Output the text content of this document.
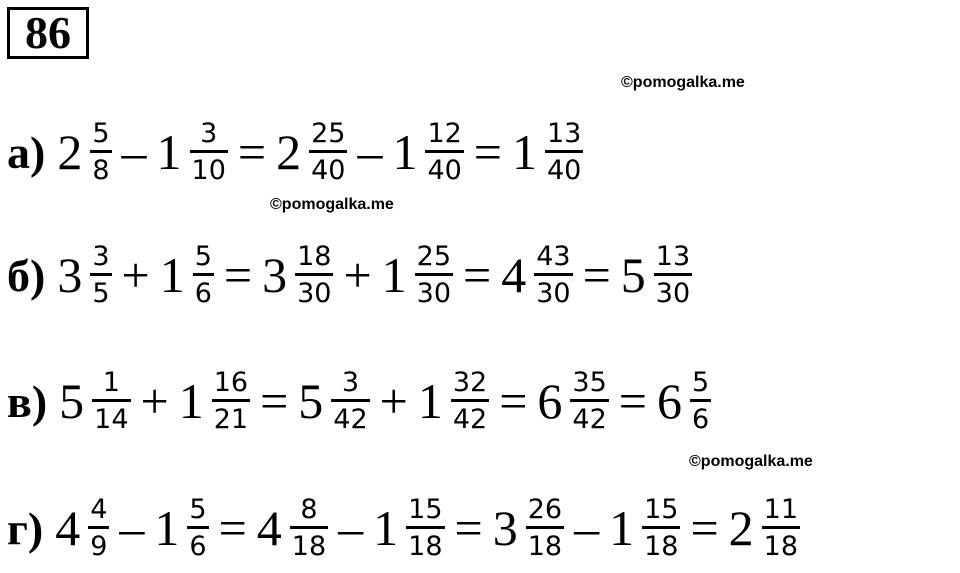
86
©pomogalka.me
©pomogalka.me
©pomogalka.me
а) $2 \frac{5}{8} - 1 \frac{3}{10} = 2 \frac{25}{40} - 1 \frac{12}{40} = 1 \frac{13}{40}$
б) $3 \frac{3}{5} + 1 \frac{5}{6} = 3 \frac{18}{30} + 1 \frac{25}{30} = 4 \frac{43}{30} = 5 \frac{13}{30}$
в) $5 \frac{1}{14} + 1 \frac{16}{21} = 5 \frac{3}{42} + 1 \frac{32}{42} = 6 \frac{35}{42} = 6 \frac{5}{6}$
г) $4 \frac{4}{9} - 1 \frac{5}{6} = 4 \frac{8}{18} - 1 \frac{15}{18} = 3 \frac{26}{18} - 1 \frac{15}{18} = 2 \frac{11}{18}$
